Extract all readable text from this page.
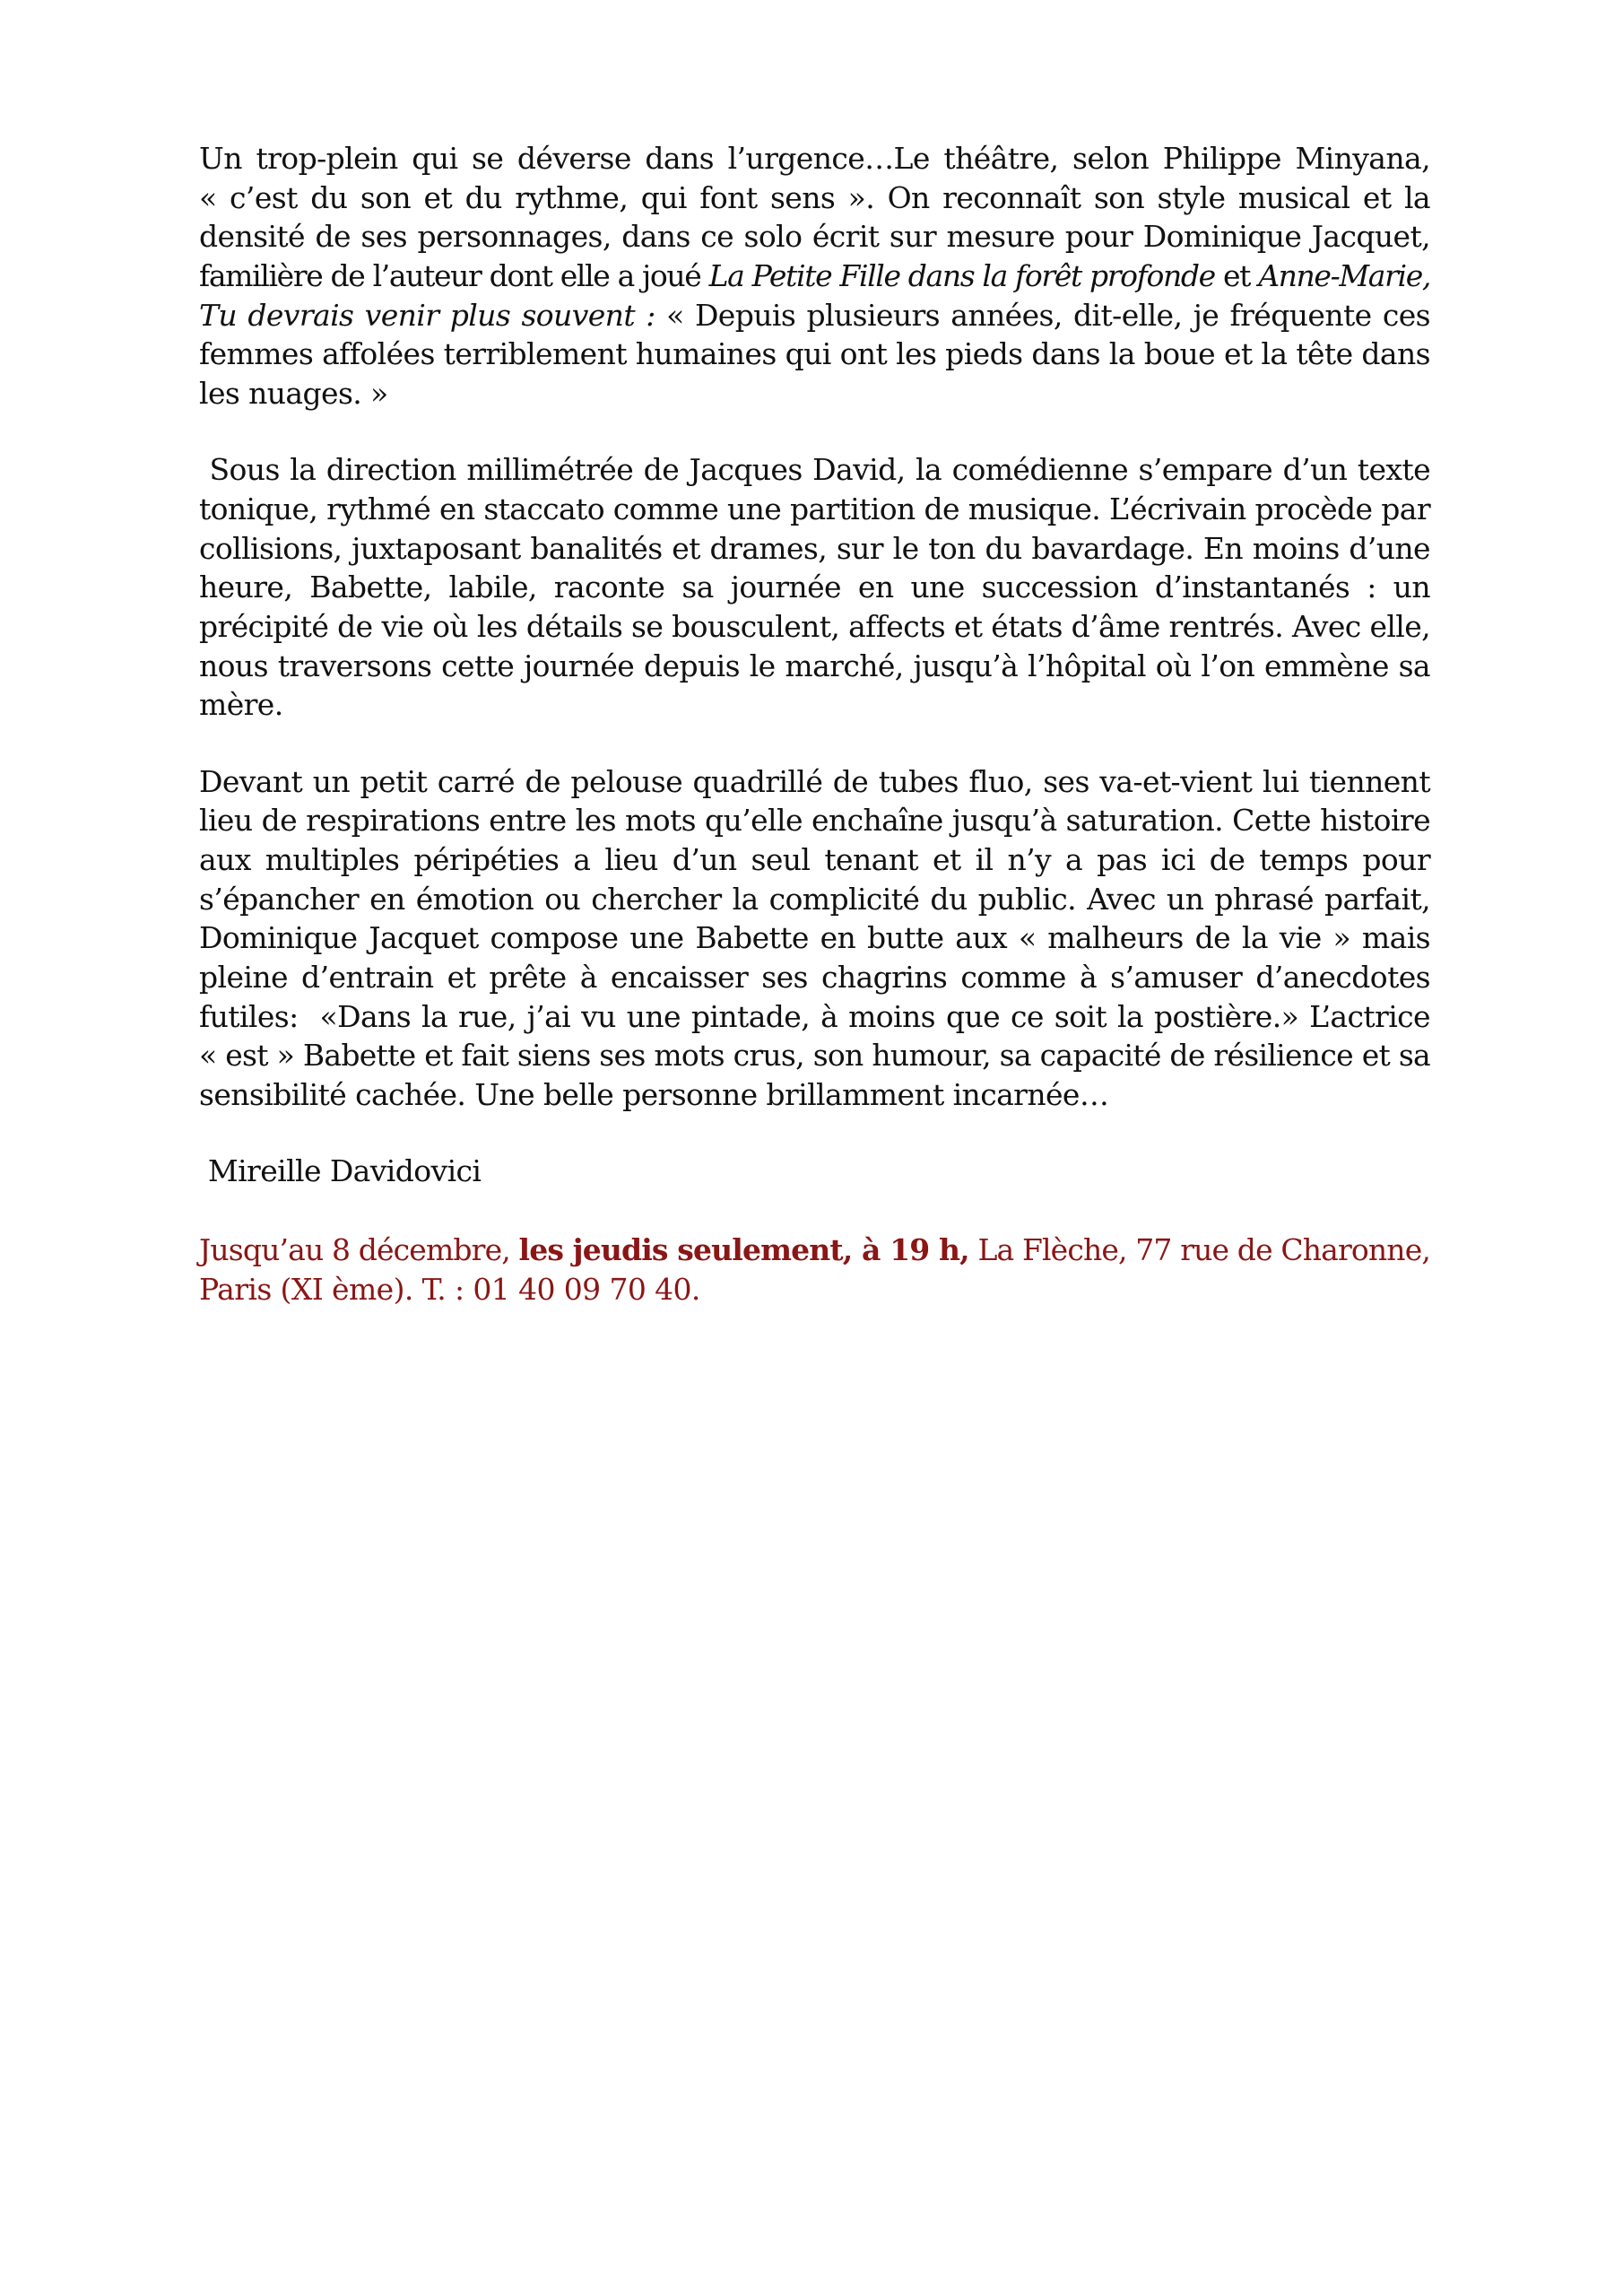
Un trop-plein qui se déverse dans l’urgence…Le théâtre, selon Philippe Minyana,
« c’est du son et du rythme, qui font sens ». On reconnaît son style musical et la
densité de ses personnages, dans ce solo écrit sur mesure pour Dominique Jacquet,
familière de l’auteur dont elle a joué La Petite Fille dans la forêt profonde et Anne-Marie,
Tu devrais venir plus souvent : « Depuis plusieurs années, dit-elle, je fréquente ces
femmes affolées terriblement humaines qui ont les pieds dans la boue et la tête dans
les nuages. »
Sous la direction millimétrée de Jacques David, la comédienne s’empare d’un texte
tonique, rythmé en staccato comme une partition de musique. L’écrivain procède par
collisions, juxtaposant banalités et drames, sur le ton du bavardage. En moins d’une
heure, Babette, labile, raconte sa journée en une succession d’instantanés : un
précipité de vie où les détails se bousculent, affects et états d’âme rentrés. Avec elle,
nous traversons cette journée depuis le marché, jusqu’à l’hôpital où l’on emmène sa
mère.
Devant un petit carré de pelouse quadrillé de tubes fluo, ses va-et-vient lui tiennent
lieu de respirations entre les mots qu’elle enchaîne jusqu’à saturation. Cette histoire
aux multiples péripéties a lieu d’un seul tenant et il n’y a pas ici de temps pour
s’épancher en émotion ou chercher la complicité du public. Avec un phrasé parfait,
Dominique Jacquet compose une Babette en butte aux « malheurs de la vie » mais
pleine d’entrain et prête à encaisser ses chagrins comme à s’amuser d’anecdotes
futiles:  «Dans la rue, j’ai vu une pintade, à moins que ce soit la postière.» L’actrice
« est » Babette et fait siens ses mots crus, son humour, sa capacité de résilience et sa
sensibilité cachée. Une belle personne brillamment incarnée…
Mireille Davidovici
Jusqu’au 8 décembre, les jeudis seulement, à 19 h, La Flèche, 77 rue de Charonne,
Paris (XI ème). T. : 01 40 09 70 40.
